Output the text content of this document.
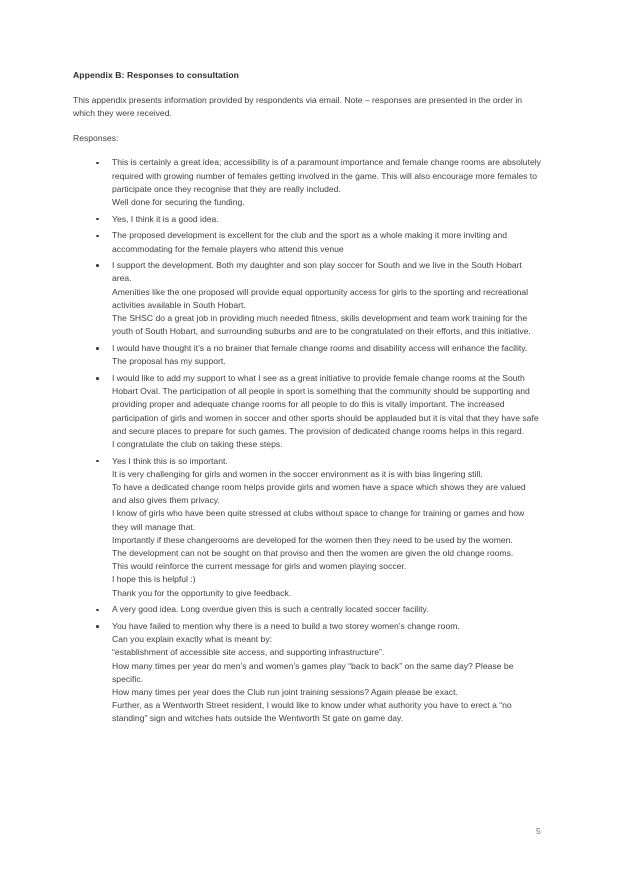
Appendix B: Responses to consultation

This appendix presents information provided by respondents via email. Note – responses are presented in the order in which they were received.

Responses:

This is certainly a great idea; accessibility is of a paramount importance and female change rooms are absolutely required with growing number of females getting involved in the game. This will also encourage more females to participate once they recognise that they are really included.
Well done for securing the funding.
Yes, I think it is a good idea.
The proposed development is excellent for the club and the sport as a whole making it more inviting and accommodating for the female players who attend this venue
I support the development. Both my daughter and son play soccer for South and we live in the South Hobart area.
Amenities like the one proposed will provide equal opportunity access for girls to the sporting and recreational activities available in South Hobart.
The SHSC do a great job in providing much needed fitness, skills development and team work training for the youth of South Hobart, and surrounding suburbs and are to be congratulated on their efforts, and this initiative.
I would have thought it’s a no brainer that female change rooms and disability access will enhance the facility. The proposal has my support.
I would like to add my support to what I see as a great initiative to provide female change rooms at the South Hobart Oval. The participation of all people in sport is something that the community should be supporting and providing proper and adequate change rooms for all people to do this is vitally important. The increased participation of girls and women in soccer and other sports should be applauded but it is vital that they have safe and secure places to prepare for such games. The provision of dedicated change rooms helps in this regard.
I congratulate the club on taking these steps.
Yes I think this is so important.
It is very challenging for girls and women in the soccer environment as it is with bias lingering still.
To have a dedicated change room helps provide girls and women have a space which shows they are valued and also gives them privacy.
I know of girls who have been quite stressed at clubs without space to change for training or games and how they will manage that.
Importantly if these changerooms are developed for the women then they need to be used by the women.
The development can not be sought on that proviso and then the women are given the old change rooms.
This would reinforce the current message for girls and women playing soccer.
I hope this is helpful :)
Thank you for the opportunity to give feedback.
A very good idea. Long overdue given this is such a centrally located soccer facility.
You have failed to mention why there is a need to build a two storey women’s change room.
Can you explain exactly what is meant by:
“establishment of accessible site access, and supporting infrastructure”.
How many times per year do men’s and women’s games play “back to back” on the same day? Please be specific.
How many times per year does the Club run joint training sessions? Again please be exact.
Further, as a Wentworth Street resident, I would like to know under what authority you have to erect a “no standing” sign and witches hats outside the Wentworth St gate on game day.
5
